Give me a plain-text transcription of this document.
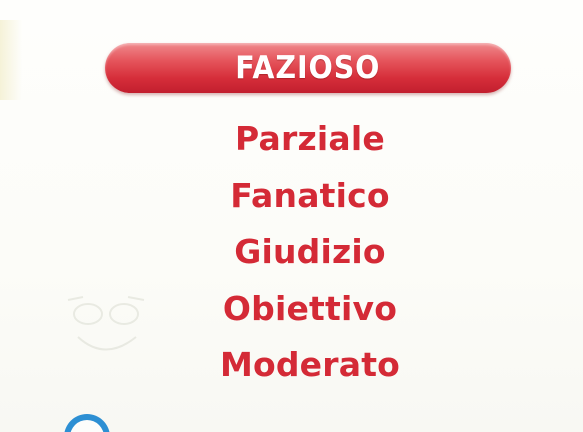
FAZIOSO
Parziale
Fanatico
Giudizio
Obiettivo
Moderato
